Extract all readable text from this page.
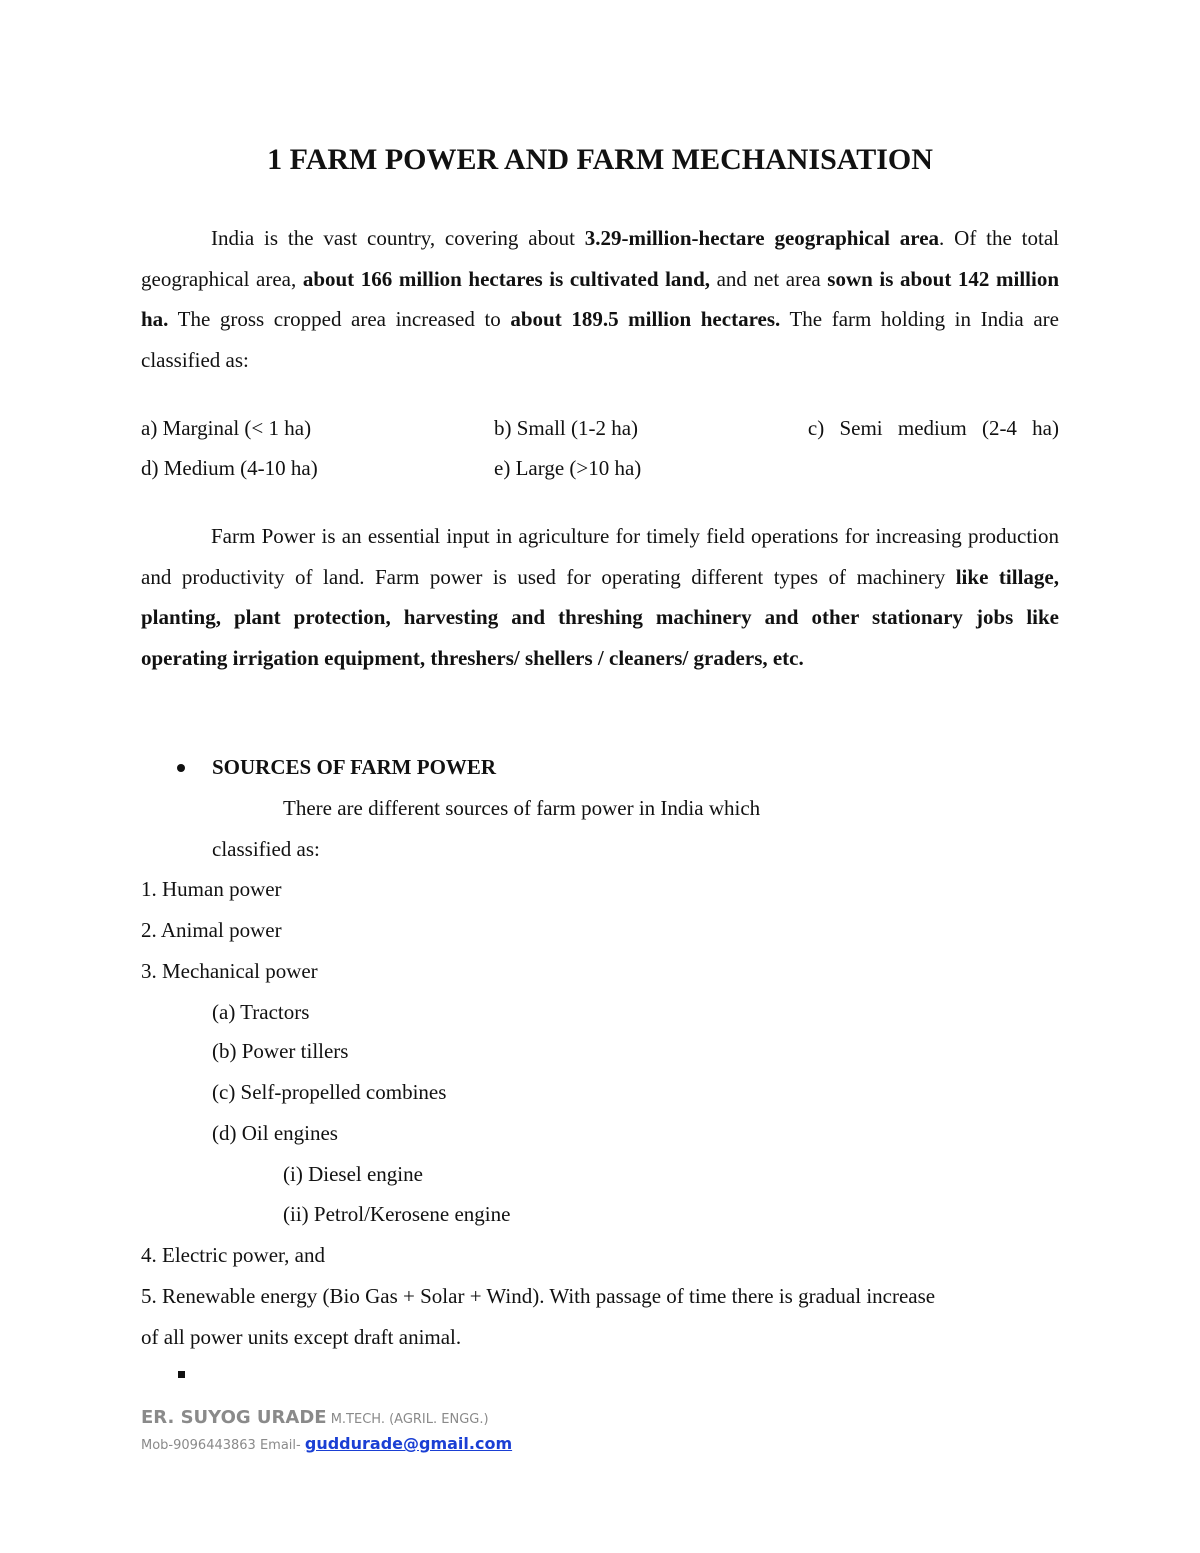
1 FARM POWER AND FARM MECHANISATION
India is the vast country, covering about 3.29-million-hectare geographical area. Of the total geographical area, about 166 million hectares is cultivated land, and net area sown is about 142 million ha. The gross cropped area increased to about 189.5 million hectares. The farm holding in India are classified as:
a) Marginal (< 1 ha)	b) Small (1-2 ha)	c) Semi medium (2-4 ha)
d) Medium (4-10 ha)	e) Large (>10 ha)
Farm Power is an essential input in agriculture for timely field operations for increasing production and productivity of land. Farm power is used for operating different types of machinery like tillage, planting, plant protection, harvesting and threshing machinery and other stationary jobs like operating irrigation equipment, threshers/ shellers / cleaners/ graders, etc.
SOURCES OF FARM POWER
There are different sources of farm power in India which
classified as:
1. Human power
2. Animal power
3. Mechanical power
(a) Tractors
(b) Power tillers
(c) Self-propelled combines
(d) Oil engines
(i) Diesel engine
(ii) Petrol/Kerosene engine
4. Electric power, and
5. Renewable energy (Bio Gas + Solar + Wind). With passage of time there is gradual increase
of all power units except draft animal.
ER. SUYOG URADE M.TECH. (AGRIL. ENGG.)
Mob-9096443863 Email- guddurade@gmail.com
